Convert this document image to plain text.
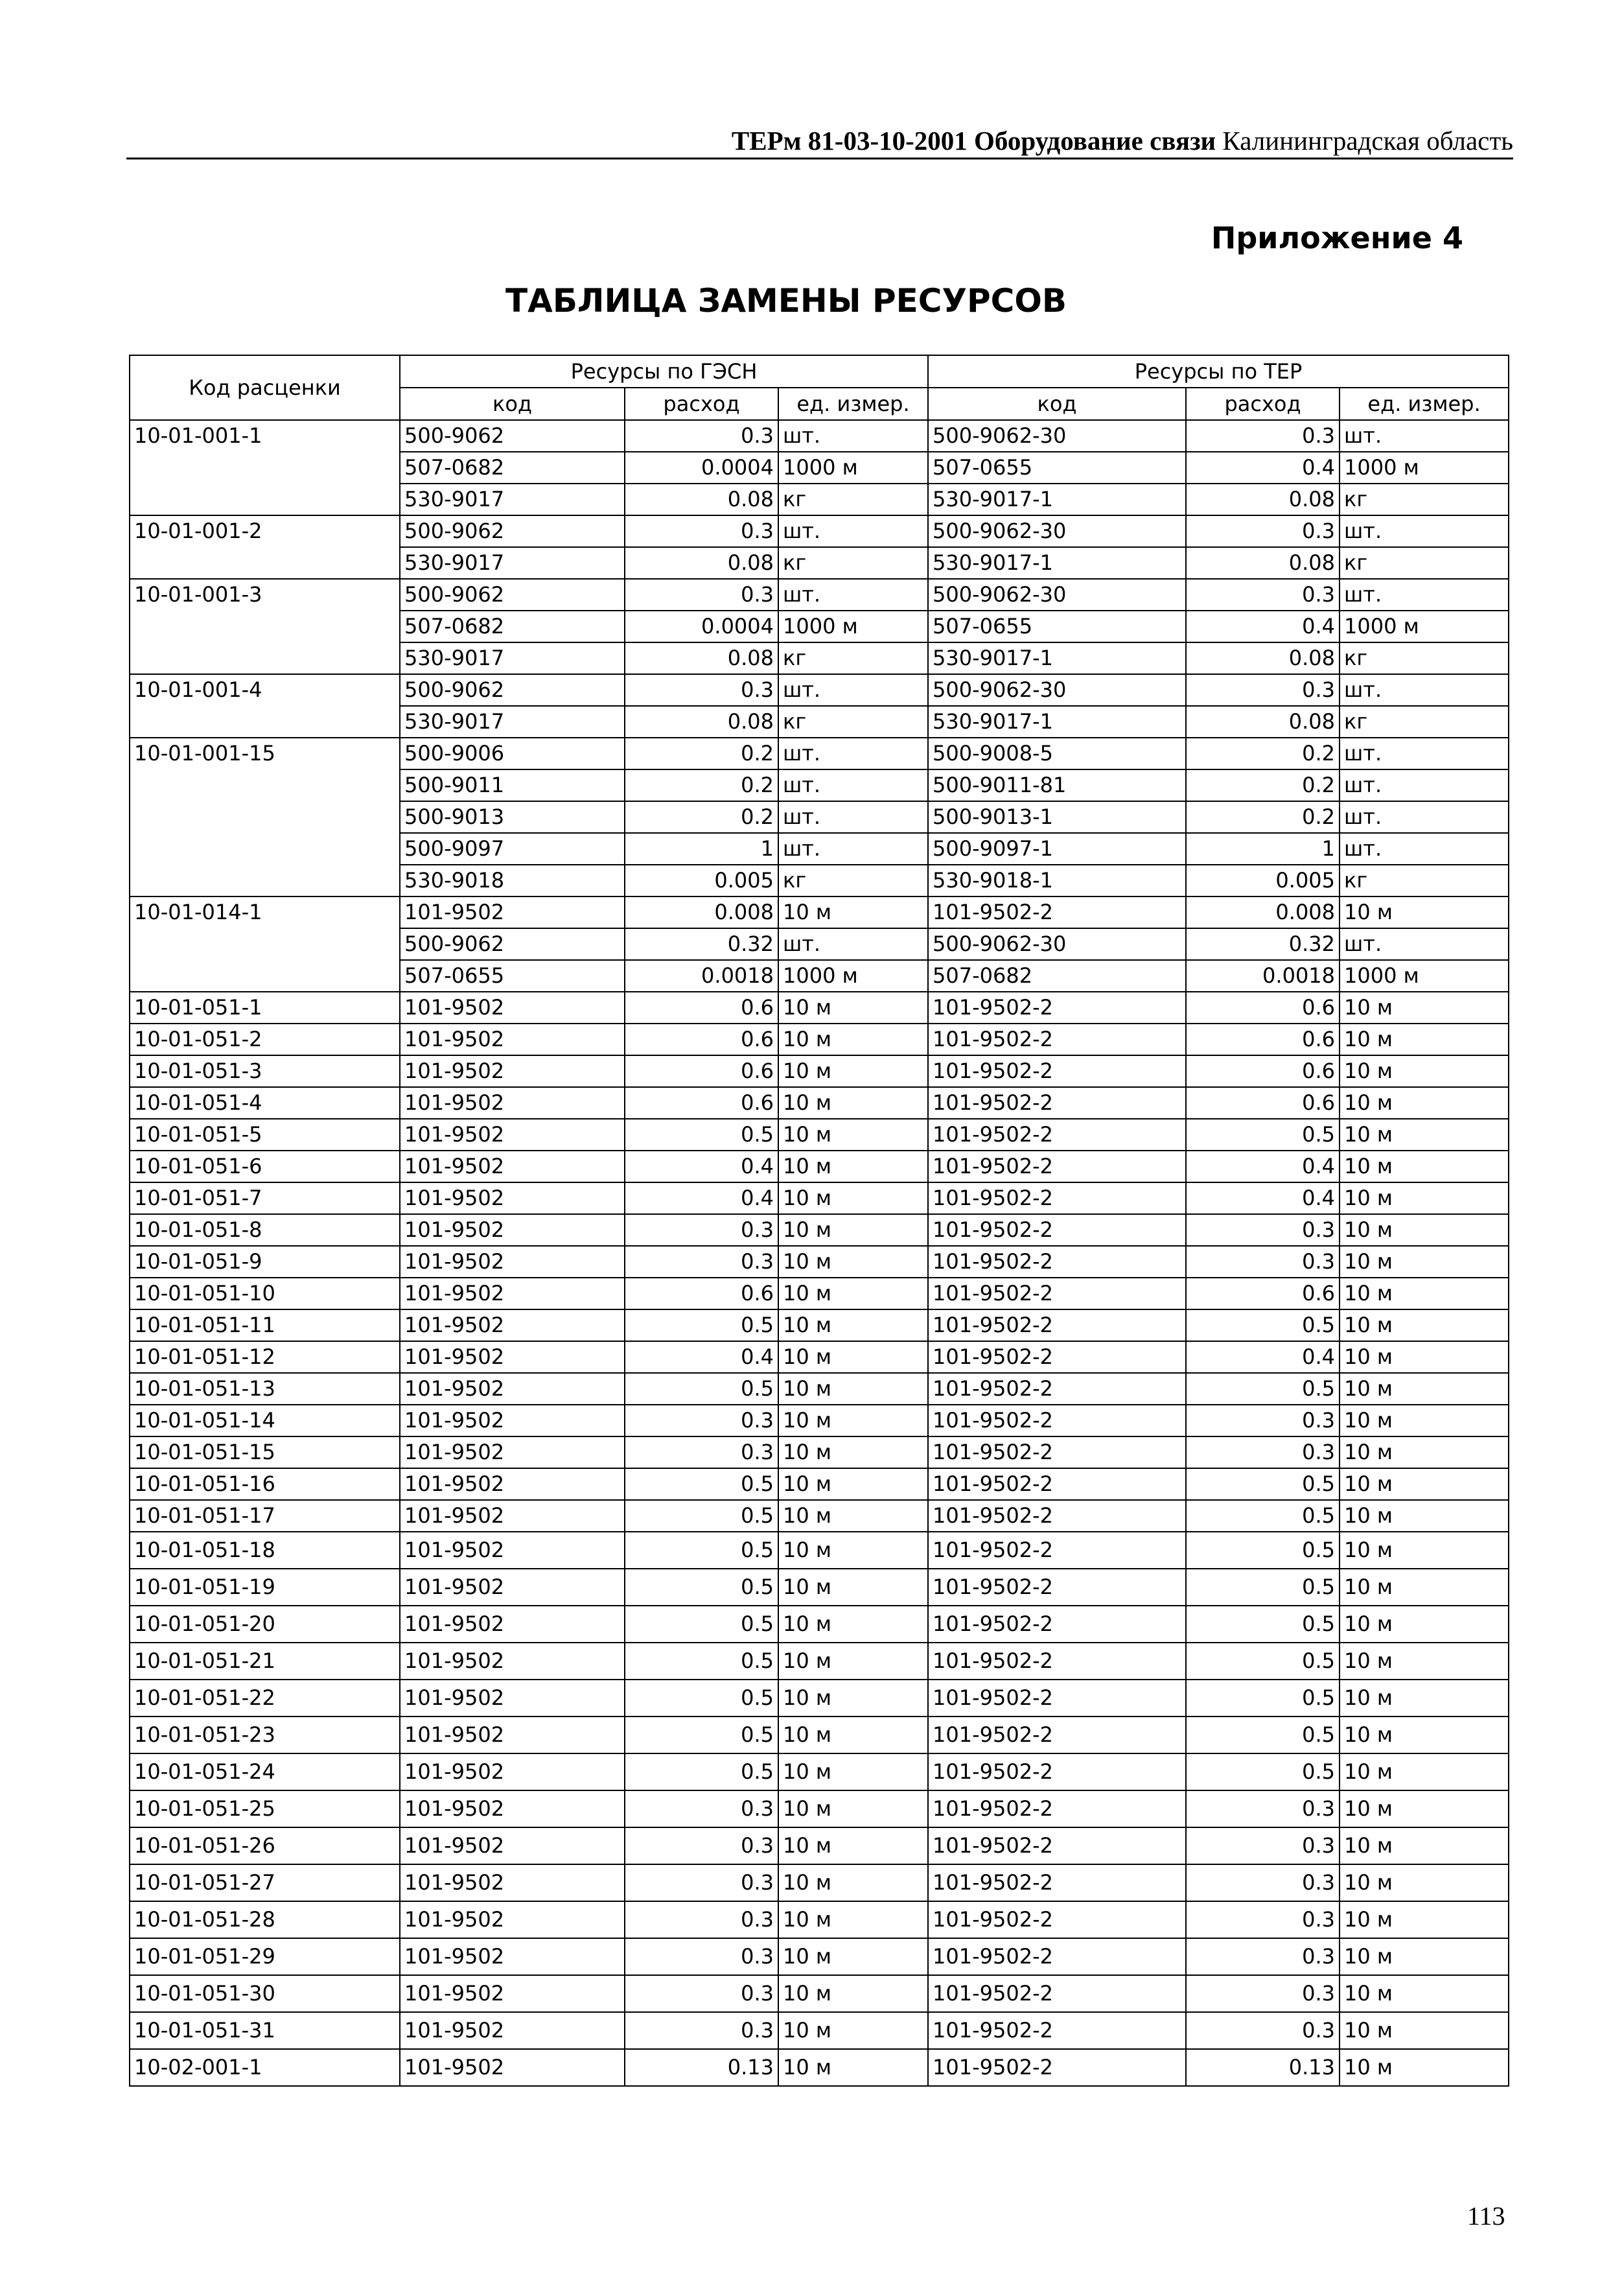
ТЕРм 81-03-10-2001 Оборудование связи Калининградская область
Приложение 4
ТАБЛИЦА ЗАМЕНЫ РЕСУРСОВ
Код расценки	Ресурсы по ГЭСН			Ресурсы по ТЕР		
	код	расход	ед. измер.	код	расход	ед. измер.
10-01-001-1	500-9062	0.3	шт.	500-9062-30	0.3	шт.
	507-0682	0.0004	1000 м	507-0655	0.4	1000 м
	530-9017	0.08	кг	530-9017-1	0.08	кг
10-01-001-2	500-9062	0.3	шт.	500-9062-30	0.3	шт.
	530-9017	0.08	кг	530-9017-1	0.08	кг
10-01-001-3	500-9062	0.3	шт.	500-9062-30	0.3	шт.
	507-0682	0.0004	1000 м	507-0655	0.4	1000 м
	530-9017	0.08	кг	530-9017-1	0.08	кг
10-01-001-4	500-9062	0.3	шт.	500-9062-30	0.3	шт.
	530-9017	0.08	кг	530-9017-1	0.08	кг
10-01-001-15	500-9006	0.2	шт.	500-9008-5	0.2	шт.
	500-9011	0.2	шт.	500-9011-81	0.2	шт.
	500-9013	0.2	шт.	500-9013-1	0.2	шт.
	500-9097	1	шт.	500-9097-1	1	шт.
	530-9018	0.005	кг	530-9018-1	0.005	кг
10-01-014-1	101-9502	0.008	10 м	101-9502-2	0.008	10 м
	500-9062	0.32	шт.	500-9062-30	0.32	шт.
	507-0655	0.0018	1000 м	507-0682	0.0018	1000 м
10-01-051-1	101-9502	0.6	10 м	101-9502-2	0.6	10 м
10-01-051-2	101-9502	0.6	10 м	101-9502-2	0.6	10 м
10-01-051-3	101-9502	0.6	10 м	101-9502-2	0.6	10 м
10-01-051-4	101-9502	0.6	10 м	101-9502-2	0.6	10 м
10-01-051-5	101-9502	0.5	10 м	101-9502-2	0.5	10 м
10-01-051-6	101-9502	0.4	10 м	101-9502-2	0.4	10 м
10-01-051-7	101-9502	0.4	10 м	101-9502-2	0.4	10 м
10-01-051-8	101-9502	0.3	10 м	101-9502-2	0.3	10 м
10-01-051-9	101-9502	0.3	10 м	101-9502-2	0.3	10 м
10-01-051-10	101-9502	0.6	10 м	101-9502-2	0.6	10 м
10-01-051-11	101-9502	0.5	10 м	101-9502-2	0.5	10 м
10-01-051-12	101-9502	0.4	10 м	101-9502-2	0.4	10 м
10-01-051-13	101-9502	0.5	10 м	101-9502-2	0.5	10 м
10-01-051-14	101-9502	0.3	10 м	101-9502-2	0.3	10 м
10-01-051-15	101-9502	0.3	10 м	101-9502-2	0.3	10 м
10-01-051-16	101-9502	0.5	10 м	101-9502-2	0.5	10 м
10-01-051-17	101-9502	0.5	10 м	101-9502-2	0.5	10 м
10-01-051-18	101-9502	0.5	10 м	101-9502-2	0.5	10 м
10-01-051-19	101-9502	0.5	10 м	101-9502-2	0.5	10 м
10-01-051-20	101-9502	0.5	10 м	101-9502-2	0.5	10 м
10-01-051-21	101-9502	0.5	10 м	101-9502-2	0.5	10 м
10-01-051-22	101-9502	0.5	10 м	101-9502-2	0.5	10 м
10-01-051-23	101-9502	0.5	10 м	101-9502-2	0.5	10 м
10-01-051-24	101-9502	0.5	10 м	101-9502-2	0.5	10 м
10-01-051-25	101-9502	0.3	10 м	101-9502-2	0.3	10 м
10-01-051-26	101-9502	0.3	10 м	101-9502-2	0.3	10 м
10-01-051-27	101-9502	0.3	10 м	101-9502-2	0.3	10 м
10-01-051-28	101-9502	0.3	10 м	101-9502-2	0.3	10 м
10-01-051-29	101-9502	0.3	10 м	101-9502-2	0.3	10 м
10-01-051-30	101-9502	0.3	10 м	101-9502-2	0.3	10 м
10-01-051-31	101-9502	0.3	10 м	101-9502-2	0.3	10 м
10-02-001-1	101-9502	0.13	10 м	101-9502-2	0.13	10 м
113
